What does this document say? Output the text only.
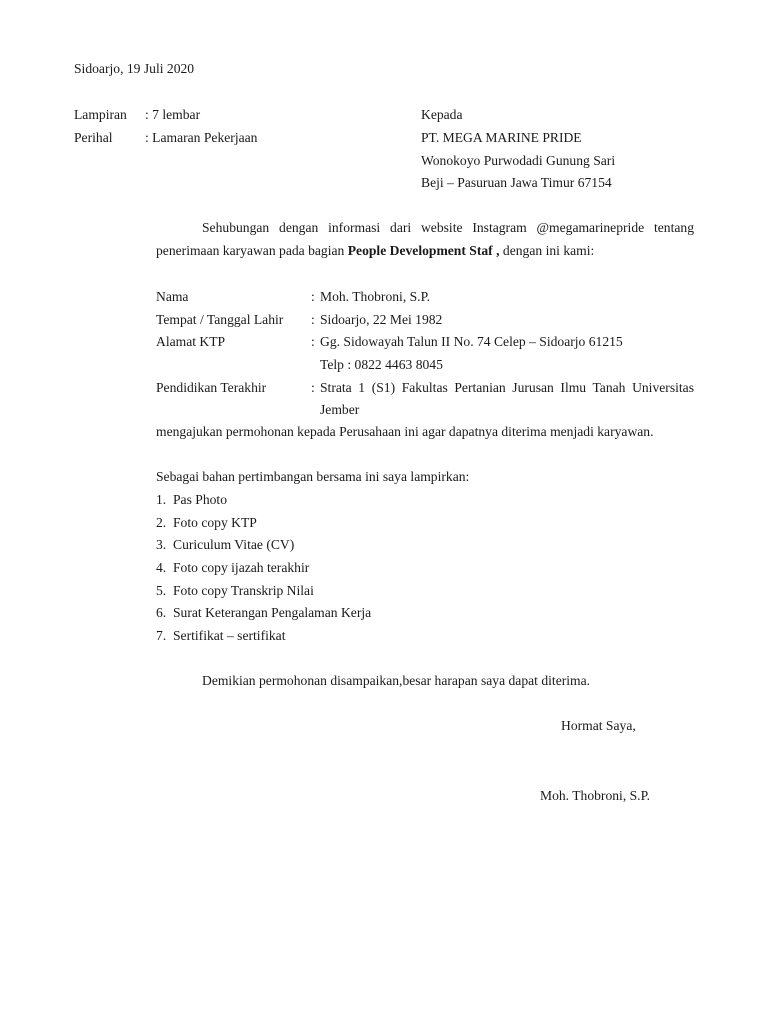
Sidoarjo, 19 Juli 2020
Lampiran : 7 lembar
Perihal : Lamaran Pekerjaan
Kepada
PT. MEGA MARINE PRIDE
Wonokoyo Purwodadi Gunung Sari
Beji – Pasuruan Jawa Timur 67154
Sehubungan dengan informasi dari website Instagram @megamarinepride tentang penerimaan karyawan pada bagian People Development Staf , dengan ini kami:
Nama	: Moh. Thobroni, S.P.
Tempat / Tanggal Lahir : Sidoarjo, 22 Mei 1982
Alamat KTP	: Gg. Sidowayah Talun II No. 74 Celep – Sidoarjo 61215
Telp : 0822 4463 8045
Pendidikan Terakhir	: Strata 1 (S1) Fakultas Pertanian Jurusan Ilmu Tanah Universitas Jember
mengajukan permohonan kepada Perusahaan ini agar dapatnya diterima menjadi karyawan.
Sebagai bahan pertimbangan bersama ini saya lampirkan:
1. Pas Photo
2. Foto copy KTP
3. Curiculum Vitae (CV)
4. Foto copy ijazah terakhir
5. Foto copy Transkrip Nilai
6. Surat Keterangan Pengalaman Kerja
7. Sertifikat – sertifikat
Demikian permohonan disampaikan,besar harapan saya dapat diterima.
Hormat Saya,
Moh. Thobroni, S.P.
